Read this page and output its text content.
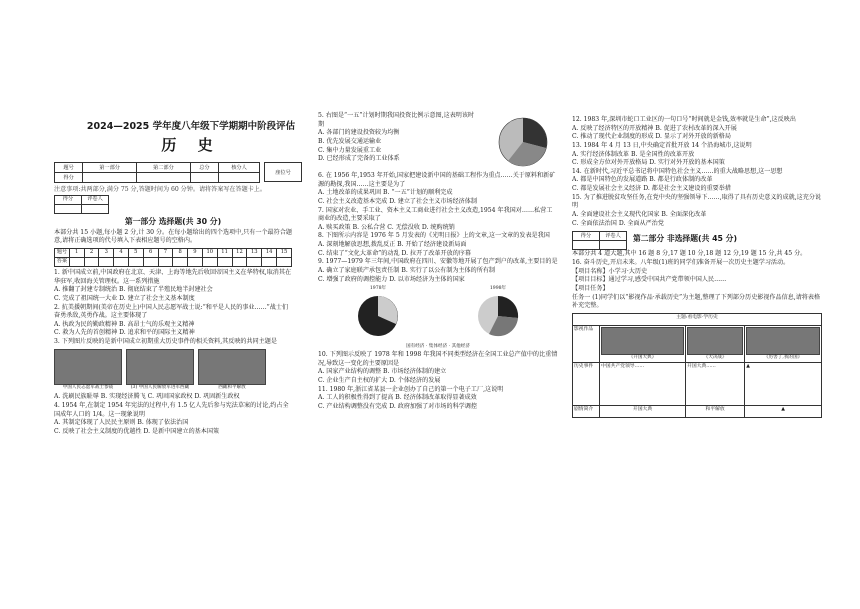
2024—2025 学年度八年级下学期期中阶段评估
历 史
题号	第一部分	第二部分	总分	核分人
得分				
座位号

注意事项:共两部分,满分 75 分,答题时间为 60 分钟。请将答案写在答题卡上。

得分	评卷人

第一部分 选择题(共 30 分)

本部分共 15 小题,每小题 2 分,计 30 分。在每小题给出的四个选项中,只有一个最符合题意,请将正确选项的代号填入下表相应题号的空格内。

题号	1	2	3	4	5	6	7	8	9	10	11	12	13	14	15
答案															

1. 新中国成立前,中国政府在北京、天津、上海等地先后收回帝国主义在华特权,取消其在华驻军,收回海关管理权。这一系列措施

A. 推翻了封建专制统治 B. 彻底结束了半殖民地半封建社会

C. 完成了祖国统一大业 D. 建立了社会主义基本制度

2. 抗美援朝期间(美帝在历史上)中国人民志愿军战士说:“和平是人民的事业……”战士们奋勇杀敌,英勇作战。这主要体现了

A. 执政为民的勤政精神 B. 高昂士气的乐观主义精神

C. 救为人先的首创精神 D. 追求和平的国际主义精神

3. 下列图片反映的是新中国成立初期重大历史事件的相关资料,其反映的共同主题是

中国人民志愿军战士参战	(3) 中国人民解放军进军西藏	西藏和平解放

A. 洗刷民族耻辱 B. 实现经济腾飞 C. 巩固国家政权 D. 巩固新生政权

4. 1954 年,在制定 1954 年宪法的过程中,有 1.5 亿人先后参与宪法草案的讨论,约占全国成年人口的 1/4。这一现象说明

A. 其制定体现了人民民主原则 B. 体现了依法治国

C. 反映了社会主义制度的优越性 D. 是新中国建立的基本国策

5. 右图是“一五”计划时期我国投资比例示意图,这表明该时期

A. 各部门的建设投资较为均衡

B. 优先发展交通运输业

C. 集中力量发展重工业

D. 已经形成了完备的工业体系

6. 在 1956 年,1953 年开始,国家把建设新中国的基础工程作为重点……关于原料和新矿源的勘探,我国……这主要是为了

A. 土地改革的成果巩固 B. “一五”计划的顺利完成

C. 社会主义改造基本完成 D. 建立了社会主义市场经济体制

7. 国家对农业、手工业、资本主义工商业进行社会主义改造,1954 年我国对……私营工商业的改造,主要采取了

A. 赎买政策 B. 公私合营 C. 无偿没收 D. 统购统销

8. 下图所示内容是 1976 年 5 月发表的《光明日报》上的文章,这一文章的发表是我国

A. 深刻地解放思想,拨乱反正 B. 开始了经济建设新局面

C. 结束了“文化大革命”的动乱 D. 拉开了改革开放的序幕

9. 1977—1979 年三年间,中国政府在四川、安徽等地开展了包产到户的改革,主要目的是

A. 确立了家庭联产承包责任制 B. 实行了以公有制为主体的所有制

C. 增强了政府的调控能力 D. 以市场经济为主体的国家

1978年	1998年
国有经济 · 集体经济 · 其他经济

10. 下列图示反映了 1978 年和 1998 年我国不同类型经济在全国工业总产值中的比重情况,导致这一变化的主要原因是

A. 国家产业结构的调整 B. 市场经济体制的建立

C. 企业生产自主权的扩大 D. 个体经济的发展

11. 1980 年,浙江省某县一企业创办了自己的第一个电子工厂,这说明

A. 工人的积极性得到了提高 B. 经济体制改革取得显著成效

C. 产业结构调整没有完成 D. 政府加强了对市场的科学调控

12. 1983 年,深圳市蛇口工业区的一句口号“时间就是金钱,效率就是生命”,这反映出

A. 反映了经济特区的开放精神 B. 促进了农村改革的深入开展

C. 推动了现代企业制度的形成 D. 显示了对外开放的新格局

13. 1984 年 4 月 13 日,中央确定首批开放 14 个沿海城市,这说明

A. 实行经济体制改革 B. 是全国性的改革开放

C. 形成全方位对外开放格局 D. 实行对外开放的基本国策

14. 在新时代,习近平总书记将中国特色社会主义……的重大战略思想,这一思想

A. 都是中国特色的发展道路 B. 都是行政体制的改革

C. 都是发展社会主义经济 D. 都是社会主义建设的重要举措

15. 为了推进脱贫攻坚任务,在党中央的坚强领导下……,取得了具有历史意义的成就,这充分说明

A. 全面建设社会主义现代化国家 B. 全面深化改革

C. 全面依法治国 D. 全面从严治党

得分	评卷人
	第二部分 非选择题(共 45 分)

本部分共 4 道大题,其中 16 题 8 分,17 题 10 分,18 题 12 分,19 题 15 分,共 45 分。

16. 奋斗历史,开启未来。八年级(1)班的同学们准备开展一次历史主题学习活动。

【项目名称】小学习·大历史

【项目目标】通过学习,感受中国共产党带领中国人民……

【项目任务】

任务一 (1)同学们以“影视作品·承载历史”为主题,整理了下列部分历史影视作品信息,请将表格补充完整。

主题:看电影·学历史			
影视作品	《开国大典》	《大决战》	《厉害了,我的国》

历史事件	中国共产党领导……	开国大典……	▲
剧情简介	开国大典	和平解放	▲
